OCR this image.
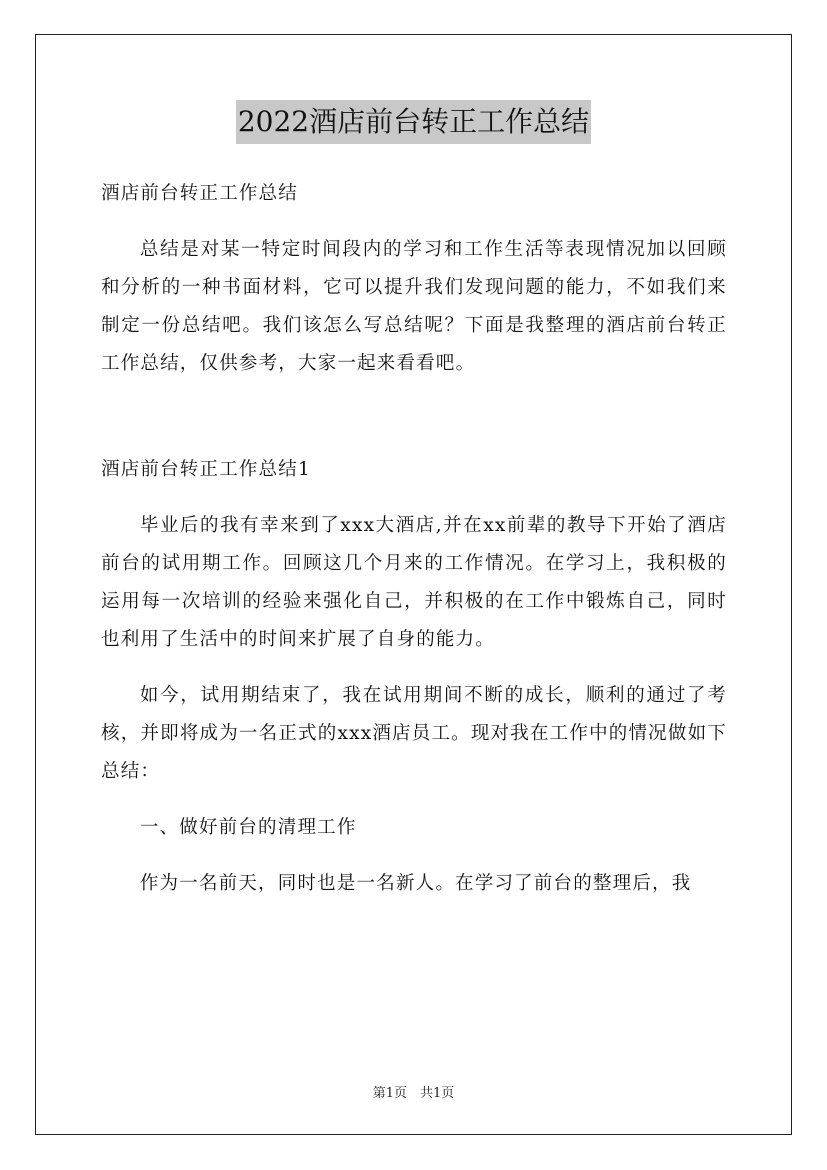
2022酒店前台转正工作总结

酒店前台转正工作总结

总结是对某一特定时间段内的学习和工作生活等表现情况加以回顾和分析的一种书面材料，它可以提升我们发现问题的能力，不如我们来制定一份总结吧。我们该怎么写总结呢？下面是我整理的酒店前台转正工作总结，仅供参考，大家一起来看看吧。

酒店前台转正工作总结1

毕业后的我有幸来到了xxx大酒店,并在xx前辈的教导下开始了酒店前台的试用期工作。回顾这几个月来的工作情况。在学习上，我积极的运用每一次培训的经验来强化自己，并积极的在工作中锻炼自己，同时也利用了生活中的时间来扩展了自身的能力。

如今，试用期结束了，我在试用期间不断的成长，顺利的通过了考核，并即将成为一名正式的xxx酒店员工。现对我在工作中的情况做如下总结：

一、做好前台的清理工作

作为一名前天，同时也是一名新人。在学习了前台的整理后，我

第1页　共1页
